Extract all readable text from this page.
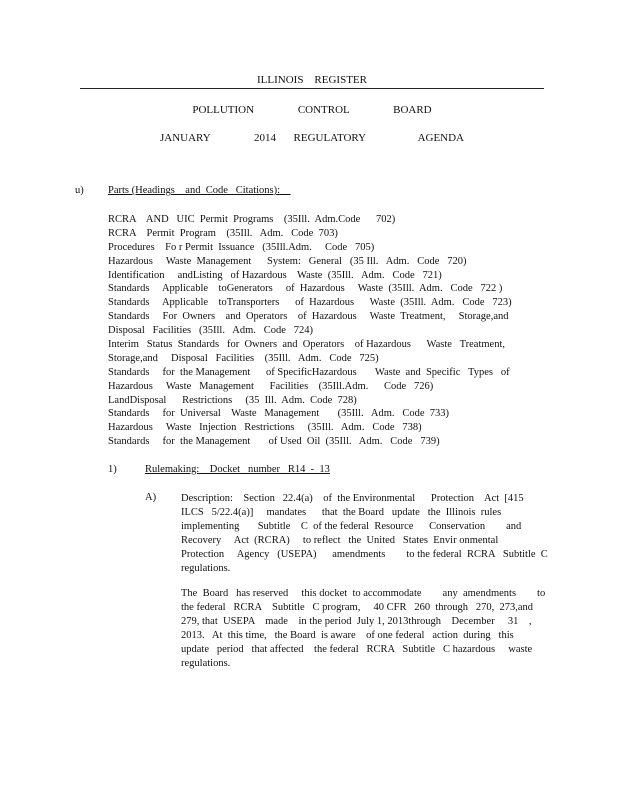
ILLINOIS    REGISTER
POLLUTION     CONTROL     BOARD
JANUARY     2014  REGULATORY      AGENDA
u) Parts (Headings    and  Code   Citations):
RCRA    AND   UIC  Permit  Programs    (35Ill.  Adm.Code      702)
RCRA    Permit  Program    (35Ill.   Adm.   Code  703)
Procedures    Fo r Permit  Issuance   (35Ill.Adm.     Code   705)
Hazardous     Waste  Management      System:   General   (35 Ill.   Adm.   Code   720)
Identification     andListing   of Hazardous    Waste  (35Ill.   Adm.   Code   721)
Standards     Applicable    toGenerators     of  Hazardous     Waste  (35Ill.  Adm.   Code   722 )
Standards     Applicable    toTransporters      of  Hazardous      Waste  (35Ill.  Adm.   Code   723)
Standards     For  Owners    and  Operators    of  Hazardous     Waste  Treatment,     Storage,and
Disposal   Facilities   (35Ill.   Adm.   Code   724)
Interim   Status  Standards   for  Owners  and  Operators    of Hazardous      Waste   Treatment,
Storage,and     Disposal   Facilities    (35Ill.   Adm.   Code   725)
Standards     for  the Management      of SpecificHazardous       Waste  and  Specific   Types   of
Hazardous     Waste   Management      Facilities    (35Ill.Adm.      Code   726)
LandDisposal      Restrictions     (35  Ill.  Adm.  Code  728)
Standards     for  Universal    Waste   Management       (35Ill.   Adm.   Code  733)
Hazardous     Waste   Injection   Restrictions     (35Ill.   Adm.   Code   738)
Standards     for  the Management       of Used  Oil  (35Ill.   Adm.   Code   739)
1)	Rulemaking:    Docket   number   R14  -  13
A) Description:    Section   22.4(a)    of  the Environmental      Protection    Act  [415
ILCS   5/22.4(a)]     mandates      that  the Board   update   the  Illinois  rules
implementing       Subtitle    C  of the federal  Resource      Conservation        and
Recovery     Act  (RCRA)     to reflect   the  United   States  Envir onmental
Protection     Agency   (USEPA)      amendments        to the federal  RCRA   Subtitle  C
regulations.
The  Board   has reserved     this docket  to accommodate        any  amendments        to
the federal   RCRA    Subtitle   C program,     40 CFR   260  through   270,  273,and
279, that  USEPA    made    in the period  July 1, 2013through    December     31    ,
2013.   At  this time,   the Board  is aware    of one federal   action  during   this
update   period   that affected    the federal   RCRA   Subtitle   C hazardous     waste
regulations.
